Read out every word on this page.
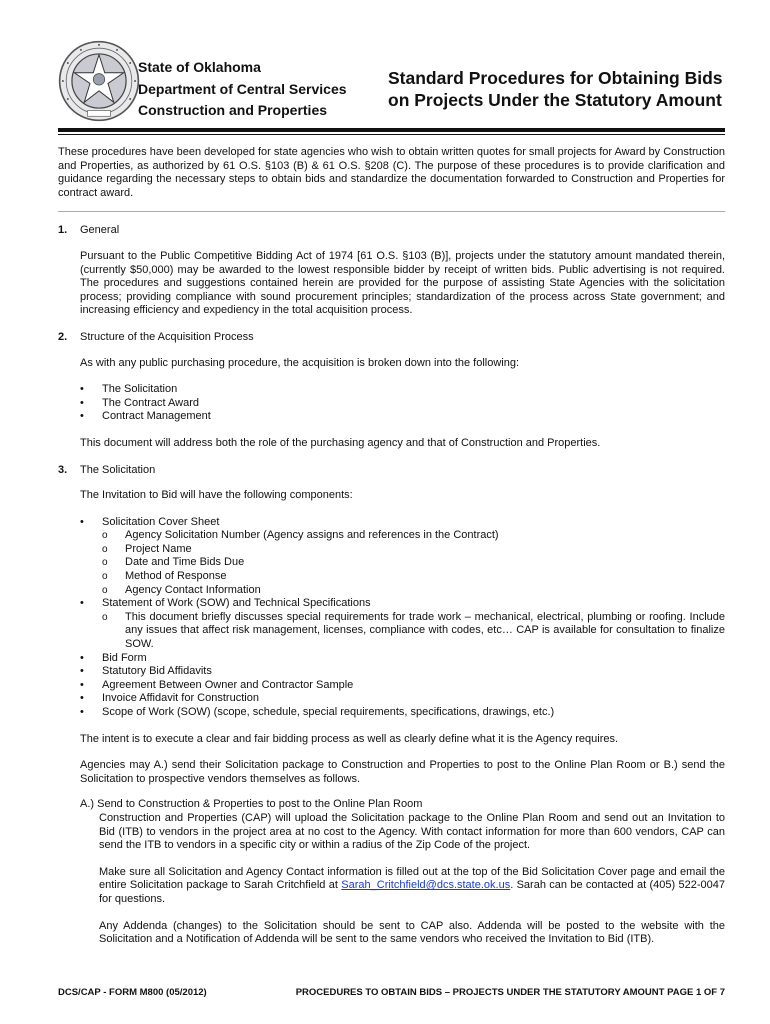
State of Oklahoma
Department of Central Services
Construction and Properties
Standard Procedures for Obtaining Bids
on Projects Under the Statutory Amount

These procedures have been developed for state agencies who wish to obtain written quotes for small projects for Award by Construction and Properties, as authorized by 61 O.S. §103 (B) & 61 O.S. §208 (C). The purpose of these procedures is to provide clarification and guidance regarding the necessary steps to obtain bids and standardize the documentation forwarded to Construction and Properties for contract award.

1.	General

Pursuant to the Public Competitive Bidding Act of 1974 [61 O.S. §103 (B)], projects under the statutory amount mandated therein, (currently $50,000) may be awarded to the lowest responsible bidder by receipt of written bids. Public advertising is not required. The procedures and suggestions contained herein are provided for the purpose of assisting State Agencies with the solicitation process; providing compliance with sound procurement principles; standardization of the process across State government; and increasing efficiency and expediency in the total acquisition process.

2.	Structure of the Acquisition Process

As with any public purchasing procedure, the acquisition is broken down into the following:

• The Solicitation
• The Contract Award
• Contract Management

This document will address both the role of the purchasing agency and that of Construction and Properties.

3.	The Solicitation

The Invitation to Bid will have the following components:

• Solicitation Cover Sheet
o Agency Solicitation Number (Agency assigns and references in the Contract)
o Project Name
o Date and Time Bids Due
o Method of Response
o Agency Contact Information
• Statement of Work (SOW) and Technical Specifications
o This document briefly discusses special requirements for trade work – mechanical, electrical, plumbing or roofing. Include any issues that affect risk management, licenses, compliance with codes, etc… CAP is available for consultation to finalize SOW.
• Bid Form
• Statutory Bid Affidavits
• Agreement Between Owner and Contractor Sample
• Invoice Affidavit for Construction
• Scope of Work (SOW) (scope, schedule, special requirements, specifications, drawings, etc.)

The intent is to execute a clear and fair bidding process as well as clearly define what it is the Agency requires.

Agencies may A.) send their Solicitation package to Construction and Properties to post to the Online Plan Room or B.) send the Solicitation to prospective vendors themselves as follows.

A.) Send to Construction & Properties to post to the Online Plan Room
Construction and Properties (CAP) will upload the Solicitation package to the Online Plan Room and send out an Invitation to Bid (ITB) to vendors in the project area at no cost to the Agency. With contact information for more than 600 vendors, CAP can send the ITB to vendors in a specific city or within a radius of the Zip Code of the project.
Make sure all Solicitation and Agency Contact information is filled out at the top of the Bid Solicitation Cover page and email the entire Solicitation package to Sarah Critchfield at Sarah_Critchfield@dcs.state.ok.us. Sarah can be contacted at (405) 522-0047 for questions.
Any Addenda (changes) to the Solicitation should be sent to CAP also. Addenda will be posted to the website with the Solicitation and a Notification of Addenda will be sent to the same vendors who received the Invitation to Bid (ITB).
DCS/CAP - FORM M800 (05/2012)	PROCEDURES TO OBTAIN BIDS – PROJECTS UNDER THE STATUTORY AMOUNT PAGE 1 OF 7
